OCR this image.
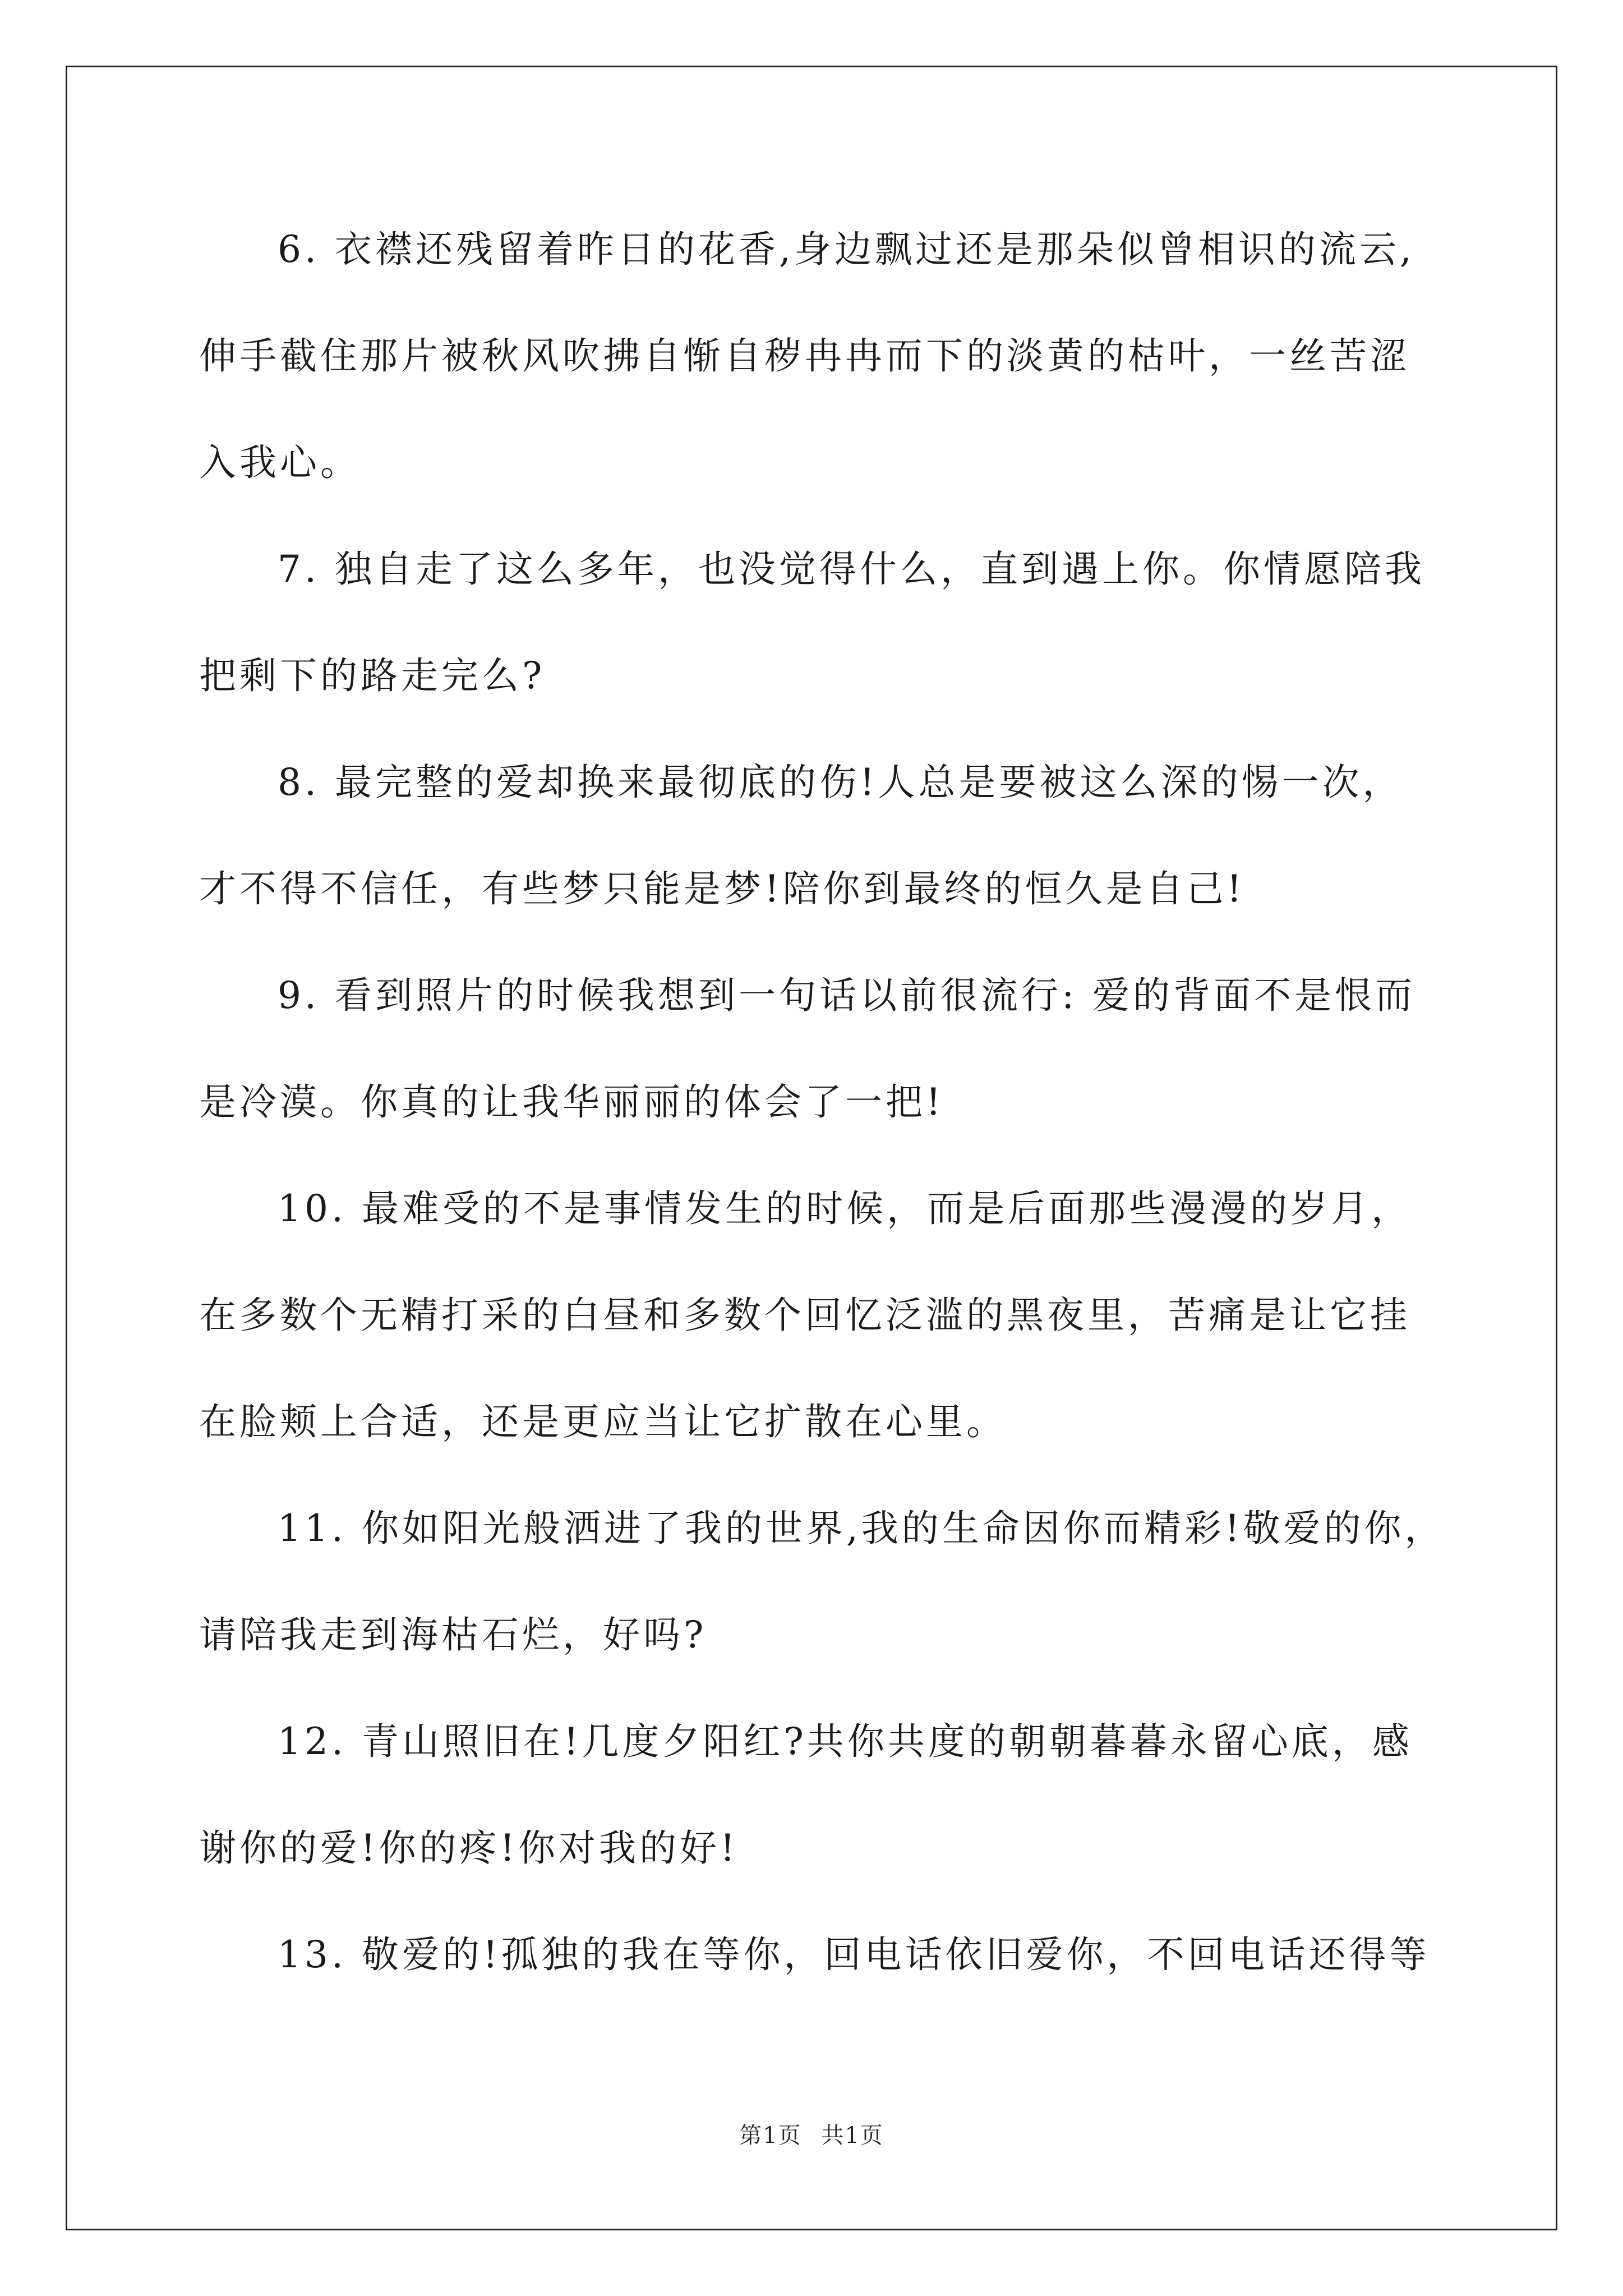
6. 衣襟还残留着昨日的花香,身边飘过还是那朵似曾相识的流云,
伸手截住那片被秋风吹拂自惭自秽冉冉而下的淡黄的枯叶，一丝苦涩
入我心。
7. 独自走了这么多年，也没觉得什么，直到遇上你。你情愿陪我
把剩下的路走完么?
8. 最完整的爱却换来最彻底的伤!人总是要被这么深的惕一次，
才不得不信任，有些梦只能是梦!陪你到最终的恒久是自己!
9. 看到照片的时候我想到一句话以前很流行: 爱的背面不是恨而
是冷漠。你真的让我华丽丽的体会了一把!
10. 最难受的不是事情发生的时候，而是后面那些漫漫的岁月，
在多数个无精打采的白昼和多数个回忆泛滥的黑夜里，苦痛是让它挂
在脸颊上合适，还是更应当让它扩散在心里。
11. 你如阳光般洒进了我的世界,我的生命因你而精彩!敬爱的你，
请陪我走到海枯石烂，好吗?
12. 青山照旧在!几度夕阳红?共你共度的朝朝暮暮永留心底，感
谢你的爱!你的疼!你对我的好!
13. 敬爱的!孤独的我在等你，回电话依旧爱你，不回电话还得等
第1页 共1页
